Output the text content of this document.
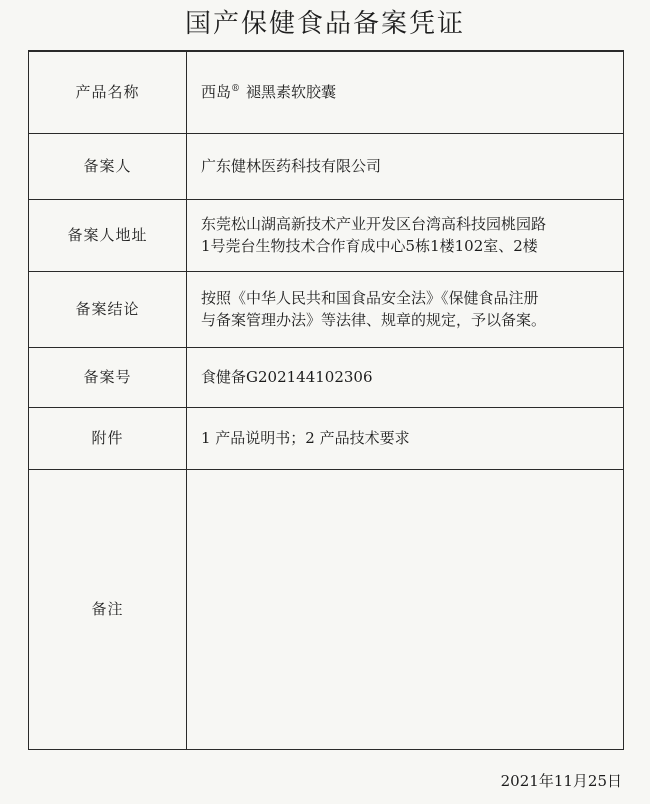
国产保健食品备案凭证
产品名称	西岛® 褪黑素软胶囊
备案人	广东健林医药科技有限公司
备案人地址	东莞松山湖高新技术产业开发区台湾高科技园桃园路
1号莞台生物技术合作育成中心5栋1楼102室、2楼

备案结论	按照《中华人民共和国食品安全法》《保健食品注册
与备案管理办法》等法律、规章的规定，予以备案。

备案号	食健备G202144102306
附件	1 产品说明书；2 产品技术要求
备注	
2021年11月25日
